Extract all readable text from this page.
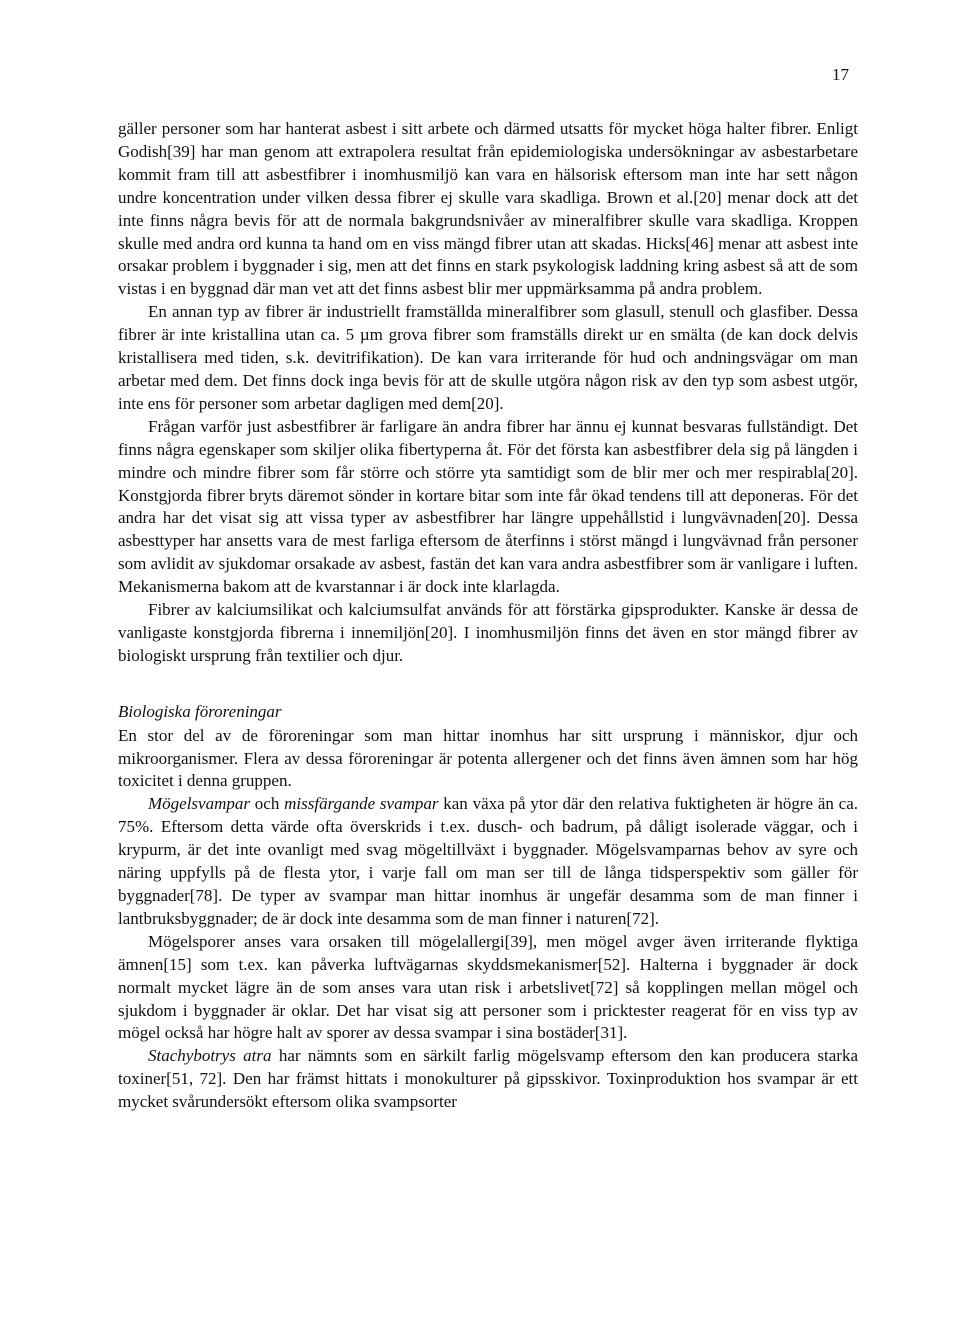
17

gäller personer som har hanterat asbest i sitt arbete och därmed utsatts för mycket höga halter fibrer. Enligt Godish[39] har man genom att extrapolera resultat från epidemiologiska undersökningar av asbestarbetare kommit fram till att asbestfibrer i inomhusmiljö kan vara en hälsorisk eftersom man inte har sett någon undre koncentration under vilken dessa fibrer ej skulle vara skadliga. Brown et al.[20] menar dock att det inte finns några bevis för att de normala bakgrundsnivåer av mineralfibrer skulle vara skadliga. Kroppen skulle med andra ord kunna ta hand om en viss mängd fibrer utan att skadas. Hicks[46] menar att asbest inte orsakar problem i byggnader i sig, men att det finns en stark psykologisk laddning kring asbest så att de som vistas i en byggnad där man vet att det finns asbest blir mer uppmärksamma på andra problem.

En annan typ av fibrer är industriellt framställda mineralfibrer som glasull, stenull och glasfiber. Dessa fibrer är inte kristallina utan ca. 5 µm grova fibrer som framställs direkt ur en smälta (de kan dock delvis kristallisera med tiden, s.k. devitrifikation). De kan vara irriterande för hud och andningsvägar om man arbetar med dem. Det finns dock inga bevis för att de skulle utgöra någon risk av den typ som asbest utgör, inte ens för personer som arbetar dagligen med dem[20].

Frågan varför just asbestfibrer är farligare än andra fibrer har ännu ej kunnat besvaras fullständigt. Det finns några egenskaper som skiljer olika fibertyperna åt. För det första kan asbestfibrer dela sig på längden i mindre och mindre fibrer som får större och större yta samtidigt som de blir mer och mer respirabla[20]. Konstgjorda fibrer bryts däremot sönder in kortare bitar som inte får ökad tendens till att deponeras. För det andra har det visat sig att vissa typer av asbestfibrer har längre uppehållstid i lungvävnaden[20]. Dessa asbesttyper har ansetts vara de mest farliga eftersom de återfinns i störst mängd i lungvävnad från personer som avlidit av sjukdomar orsakade av asbest, fastän det kan vara andra asbestfibrer som är vanligare i luften. Mekanismerna bakom att de kvarstannar i är dock inte klarlagda.

Fibrer av kalciumsilikat och kalciumsulfat används för att förstärka gipsprodukter. Kanske är dessa de vanligaste konstgjorda fibrerna i innemiljön[20]. I inomhusmiljön finns det även en stor mängd fibrer av biologiskt ursprung från textilier och djur.

Biologiska föroreningar

En stor del av de föroreningar som man hittar inomhus har sitt ursprung i människor, djur och mikroorganismer. Flera av dessa föroreningar är potenta allergener och det finns även ämnen som har hög toxicitet i denna gruppen.

Mögelsvampar och missfärgande svampar kan växa på ytor där den relativa fuktigheten är högre än ca. 75%. Eftersom detta värde ofta överskrids i t.ex. dusch- och badrum, på dåligt isolerade väggar, och i krypurm, är det inte ovanligt med svag mögeltillväxt i byggnader. Mögelsvamparnas behov av syre och näring uppfylls på de flesta ytor, i varje fall om man ser till de långa tidsperspektiv som gäller för byggnader[78]. De typer av svampar man hittar inomhus är ungefär desamma som de man finner i lantbruksbyggnader; de är dock inte desamma som de man finner i naturen[72].

Mögelsporer anses vara orsaken till mögelallergi[39], men mögel avger även irriterande flyktiga ämnen[15] som t.ex. kan påverka luftvägarnas skyddsmekanismer[52]. Halterna i byggnader är dock normalt mycket lägre än de som anses vara utan risk i arbetslivet[72] så kopplingen mellan mögel och sjukdom i byggnader är oklar. Det har visat sig att personer som i pricktester reagerat för en viss typ av mögel också har högre halt av sporer av dessa svampar i sina bostäder[31].

Stachybotrys atra har nämnts som en särkilt farlig mögelsvamp eftersom den kan producera starka toxiner[51, 72]. Den har främst hittats i monokulturer på gipsskivor. Toxinproduktion hos svampar är ett mycket svårundersökt eftersom olika svampsorter
